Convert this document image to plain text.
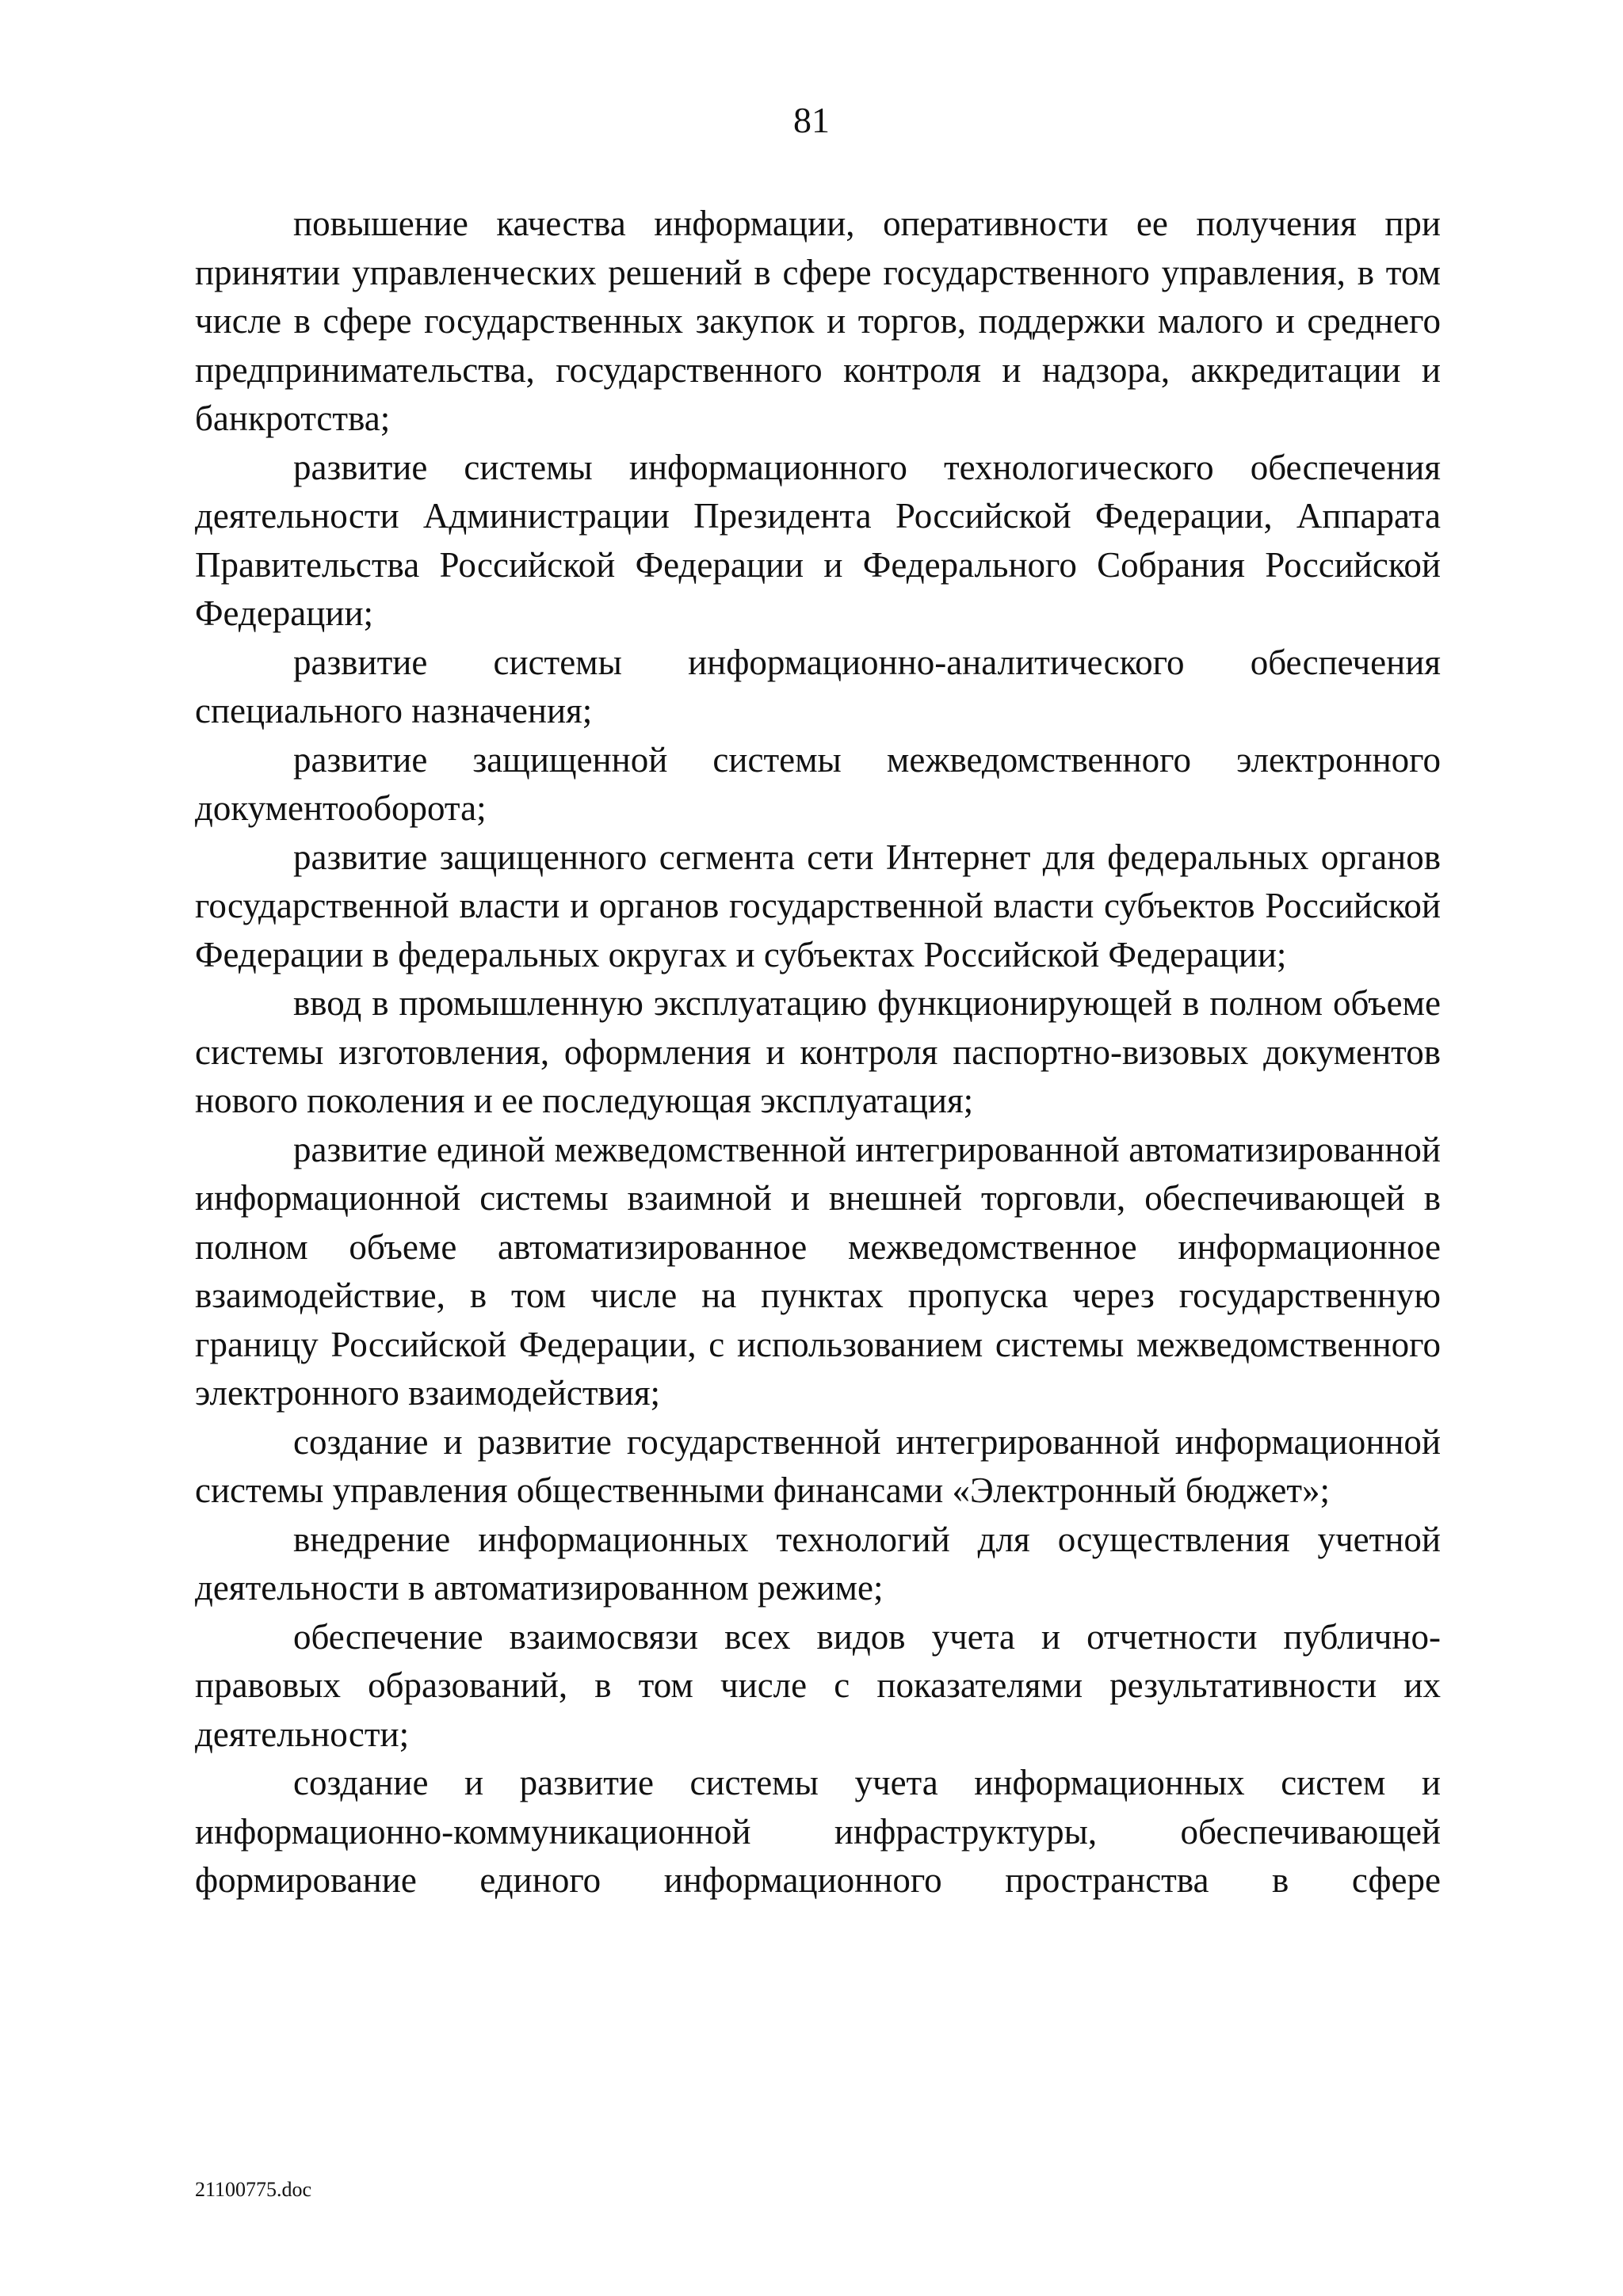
81

повышение качества информации, оперативности ее получения при принятии управленческих решений в сфере государственного управления, в том числе в сфере государственных закупок и торгов, поддержки малого и среднего предпринимательства, государственного контроля и надзора, аккредитации и банкротства;

развитие системы информационного технологического обеспечения деятельности Администрации Президента Российской Федерации, Аппарата Правительства Российской Федерации и Федерального Собрания Российской Федерации;

развитие системы информационно-аналитического обеспечения специального назначения;

развитие защищенной системы межведомственного электронного документооборота;

развитие защищенного сегмента сети Интернет для федеральных органов государственной власти и органов государственной власти субъектов Российской Федерации в федеральных округах и субъектах Российской Федерации;

ввод в промышленную эксплуатацию функционирующей в полном объеме системы изготовления, оформления и контроля паспортно-визовых документов нового поколения и ее последующая эксплуатация;

развитие единой межведомственной интегрированной автоматизированной информационной системы взаимной и внешней торговли, обеспечивающей в полном объеме автоматизированное межведомственное информационное взаимодействие, в том числе на пунктах пропуска через государственную границу Российской Федерации, с использованием системы межведомственного электронного взаимодействия;

создание и развитие государственной интегрированной информационной системы управления общественными финансами «Электронный бюджет»;

внедрение информационных технологий для осуществления учетной деятельности в автоматизированном режиме;

обеспечение взаимосвязи всех видов учета и отчетности публично-правовых образований, в том числе с показателями результативности их деятельности;

создание и развитие системы учета информационных систем и информационно-коммуникационной инфраструктуры, обеспечивающей формирование единого информационного пространства в сфере

21100775.doc
